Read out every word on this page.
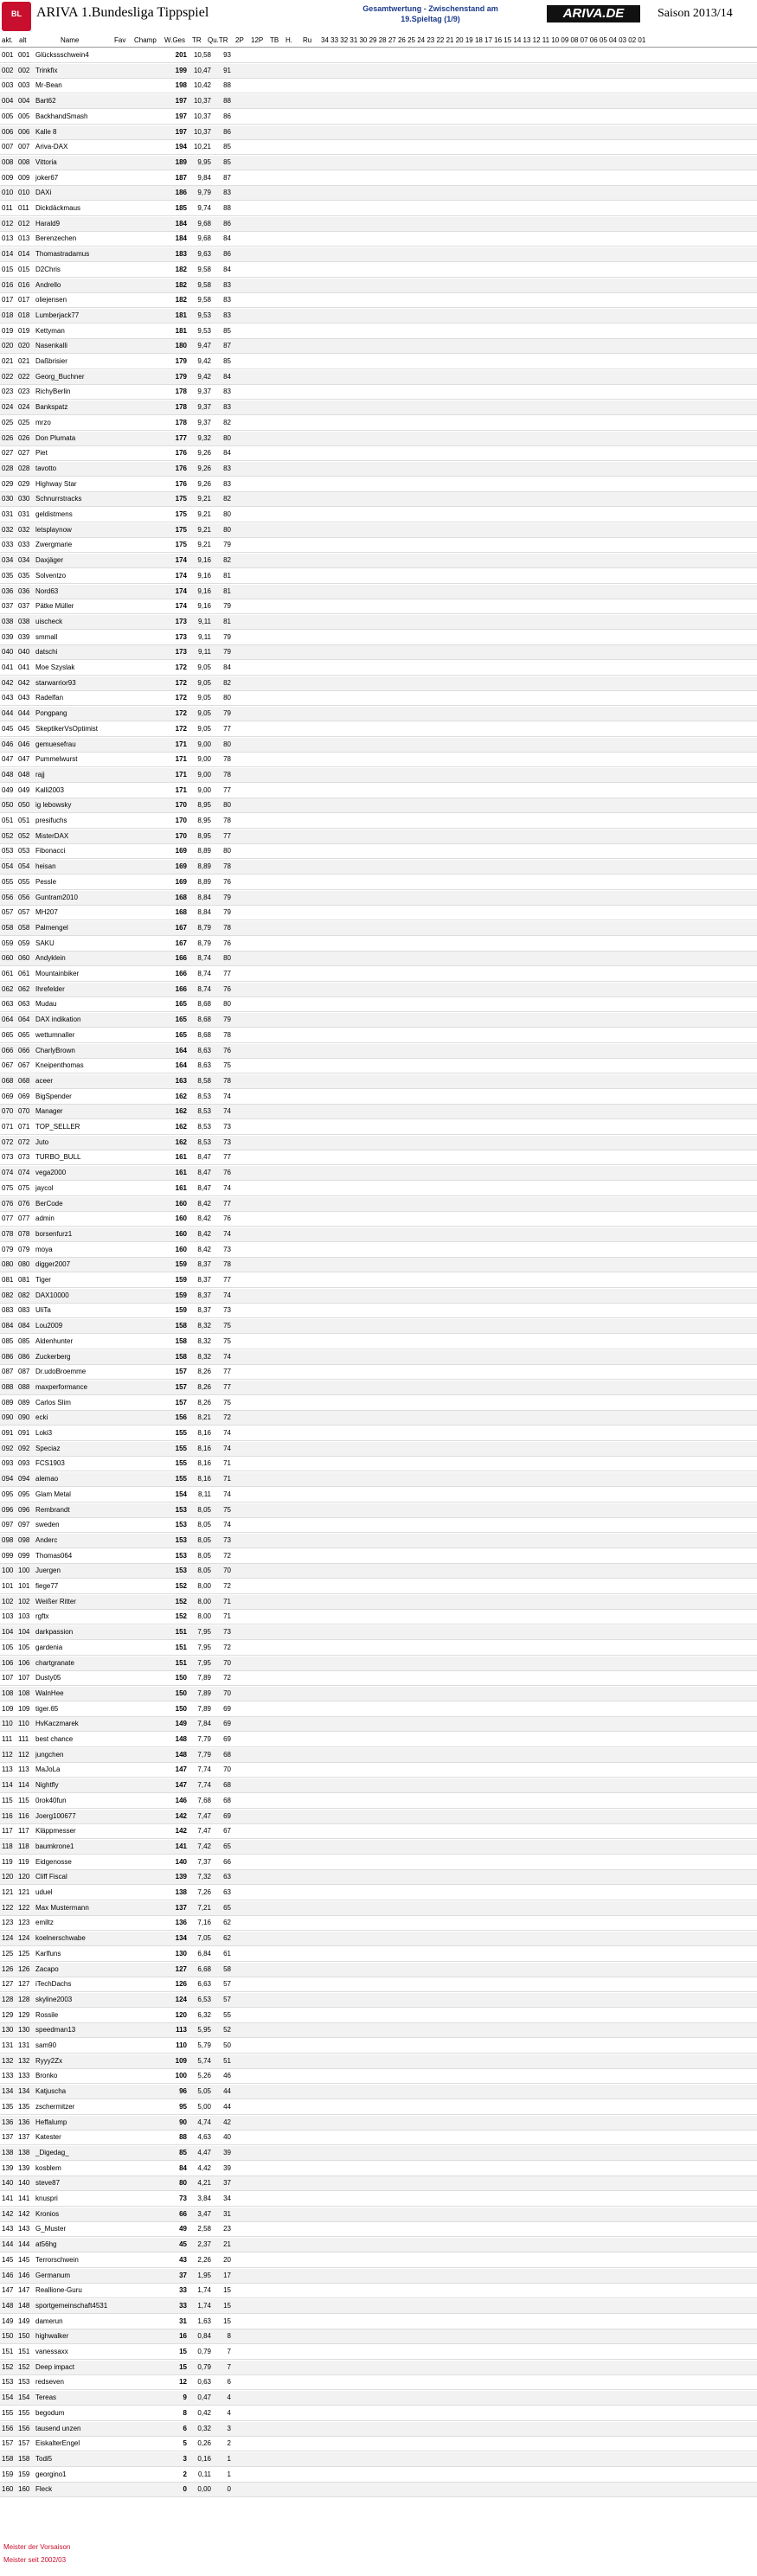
BL	ARIVA 1.Bundesliga Tippspiel	Gesamtwertung - Zwischenstand am
19.Spieltag (1/9)	ARIVA.DE	Saison 2013/14
akt. alt	Name	Fav Champ W.Ges TR Qu.TR 2P 12P TB H. Ru 34 33 32 31 30 29 28 27 26 25 24 23 22 21 20 19 18 17 16 15 14 13 12 11 10 09 08 07 06 05 04 03 02 01
001 001 Glückssschwein4	201 10,58	93
002 002 Trinkfix	199 10,47	91
003 003 Mr-Bean	198 10,42	88
004 004 Bart62	197 10,37	88
005 005 BackhandSmash	197 10,37	86
006 006 Kalle 8	197 10,37	86
007 007 Ariva-DAX	194 10,21	85
008 008 Vittoria	189	9,95	85
009 009 joker67	187	9,84	87
010 010 DAXi	186	9,79	83
011 011 Dickdäckmaus	185	9,74	88
012 012 Harald9	184	9,68	86
013 013 Berenzechen	184	9,68	84
014 014 Thomastradamus	183	9,63	86
015 015 D2Chris	182	9,58	84
016 016 Andrello	182	9,58	83
017 017 oliejensen	182	9,58	83
018 018 Lumberjack77	181	9,53	83
019 019 Kettyman	181	9,53	85
020 020 Nasenkalli	180	9,47	87
021 021 Daßbrisier	179	9,42	85
022 022 Georg_Buchner	179	9,42	84
023 023 RichyBerlin	178	9,37	83
024 024 Bankspatz	178	9,37	83
025 025 mrzo	178	9,37	82
026 026 Don Plumata	177	9,32	80
027 027 Piet	176	9,26	84
028 028 tavotto	176	9,26	83
029 029 Highway Star	176	9,26	83
030 030 Schnurrstracks	175	9,21	82
031 031 geldistmens	175	9,21	80
032 032 letsplaynow	175	9,21	80
033 033 Zwergmarie	175	9,21	79
034 034 Daxjäger	174	9,16	82
035 035 Solventzo	174	9,16	81
036 036 Nord63	174	9,16	81
037 037 Pätke Müller	174	9,16	79
038 038 uischeck	173	9,11	81
039 039 smmall	173	9,11	79
040 040 datschi	173	9,11	79
041 041 Moe Szyslak	172	9,05	84
042 042 starwarrior93	172	9,05	82
043 043 Radelfan	172	9,05	80
044 044 Pongpang	172	9,05	79
045 045 SkeptikerVsOptimist	172	9,05	77
046 046 gemuesefrau	171	9,00	80
047 047 Pummelwurst	171	9,00	78
048 048 rajj	171	9,00	78
049 049 Kalli2003	171	9,00	77
050 050 ig lebowsky	170	8,95	80
051 051 presifuchs	170	8,95	78
052 052 MisterDAX	170	8,95	77
053 053 Fibonacci	169	8,89	80
054 054 heisan	169	8,89	78
055 055 Pessle	169	8,89	76
056 056 Guntram2010	168	8,84	79
057 057 MH207	168	8,84	79
058 058 Palmengel	167	8,79	78
059 059 SAKU	167	8,79	76
060 060 Andyklein	166	8,74	80
061 061 Mountainbiker	166	8,74	77
062 062 Ihrefelder	166	8,74	76
063 063 Mudau	165	8,68	80
064 064 DAX indikation	165	8,68	79
065 065 wettumnaller	165	8,68	78
066 066 CharlyBrown	164	8,63	76
067 067 Kneipenthomas	164	8,63	75
068 068 aceer	163	8,58	78
069 069 BigSpender	162	8,53	74
070 070 Manager	162	8,53	74
071 071 TOP_SELLER	162	8,53	73
072 072 Juto	162	8,53	73
073 073 TURBO_BULL	161	8,47	77
074 074 vega2000	161	8,47	76
075 075 jaycol	161	8,47	74
076 076 BerCode	160	8,42	77
077 077 admin	160	8,42	76
078 078 borsenfurz1	160	8,42	74
079 079 moya	160	8,42	73
080 080 digger2007	159	8,37	78
081 081 Tiger	159	8,37	77
082 082 DAX10000	159	8,37	74
083 083 UliTa	159	8,37	73
084 084 Lou2009	158	8,32	75
085 085 Aldenhunter	158	8,32	75
086 086 Zuckerberg	158	8,32	74
087 087 Dr.udoBroemme	157	8,26	77
088 088 maxperformance	157	8,26	77
089 089 Carlos Slim	157	8,26	75
090 090 ecki	156	8,21	72
091 091 Loki3	155	8,16	74
092 092 Speciaz	155	8,16	74
093 093 FCS1903	155	8,16	71
094 094 alemao	155	8,16	71
095 095 Glam Metal	154	8,11	74
096 096 Rembrandt	153	8,05	75
097 097 sweden	153	8,05	74
098 098 Anderc	153	8,05	73
099 099 Thomas064	153	8,05	72
100 100 Juergen	153	8,05	70
101 101 fiege77	152	8,00	72
102 102 Weißer Ritter	152	8,00	71
103 103 rgftx	152	8,00	71
104 104 darkpassion	151	7,95	73
105 105 gardenia	151	7,95	72
106 106 chartgranate	151	7,95	70
107 107 Dusty05	150	7,89	72
108 108 WalnHee	150	7,89	70
109 109 tiger.65	150	7,89	69
110 110 HvKaczmarek	149	7,84	69
111 111 best chance	148	7,79	69
112 112 jungchen	148	7,79	68
113 113 MaJoLa	147	7,74	70
114 114 Nightfly	147	7,74	68
115 115 0rok40fun	146	7,68	68
116 116 Joerg100677	142	7,47	69
117 117 Kläppmesser	142	7,47	67
118 118 baumkrone1	141	7,42	65
119 119 Eidgenosse	140	7,37	66
120 120 Cliff Fiscal	139	7,32	63
121 121 uduel	138	7,26	63
122 122 Max Mustermann	137	7,21	65
123 123 emiltz	136	7,16	62
124 124 koelnerschwabe	134	7,05	62
125 125 Karlfuns	130	6,84	61
126 126 Zacapo	127	6,68	58
127 127 iTechDachs	126	6,63	57
128 128 skyline2003	124	6,53	57
129 129 Rossile	120	6,32	55
130 130 speedman13	113	5,95	52
131 131 sam90	110	5,79	50
132 132 Ryyy2Zx	109	5,74	51
133 133 Bronko	100	5,26	46
134 134 Katjuscha	96	5,05	44
135 135 zschermitzer	95	5,00	44
136 136 Heffalump	90	4,74	42
137 137 Katester	88	4,63	40
138 138 _Digedag_	85	4,47	39
139 139 kosblem	84	4,42	39
140 140 steve87	80	4,21	37
141 141 knuspri	73	3,84	34
142 142 Kronios	66	3,47	31
143 143 G_Muster	49	2,58	23
144 144 at56hg	45	2,37	21
145 145 Terrorschwein	43	2,26	20
146 146 Germanum	37	1,95	17
147 147 Reallione-Guru	33	1,74	15
148 148 sportgemeinschaft4531	33	1,74	15
149 149 damerun	31	1,63	15
150 150 highwalker	16	0,84	8
151 151 vanessaxx	15	0,79	7
152 152 Deep impact	15	0,79	7
153 153 redseven	12	0,63	6
154 154 Tereas	9	0,47	4
155 155 begodum	8	0,42	4
156 156 tausend unzen	6	0,32	3
157 157 EiskalterEngel	5	0,26	2
158 158 Todi5	3	0,16	1
159 159 georgino1	2	0,11	1
160 160 Fleck	0	0,00	0
Meister der Vorsaison
Meister seit 2002/03
